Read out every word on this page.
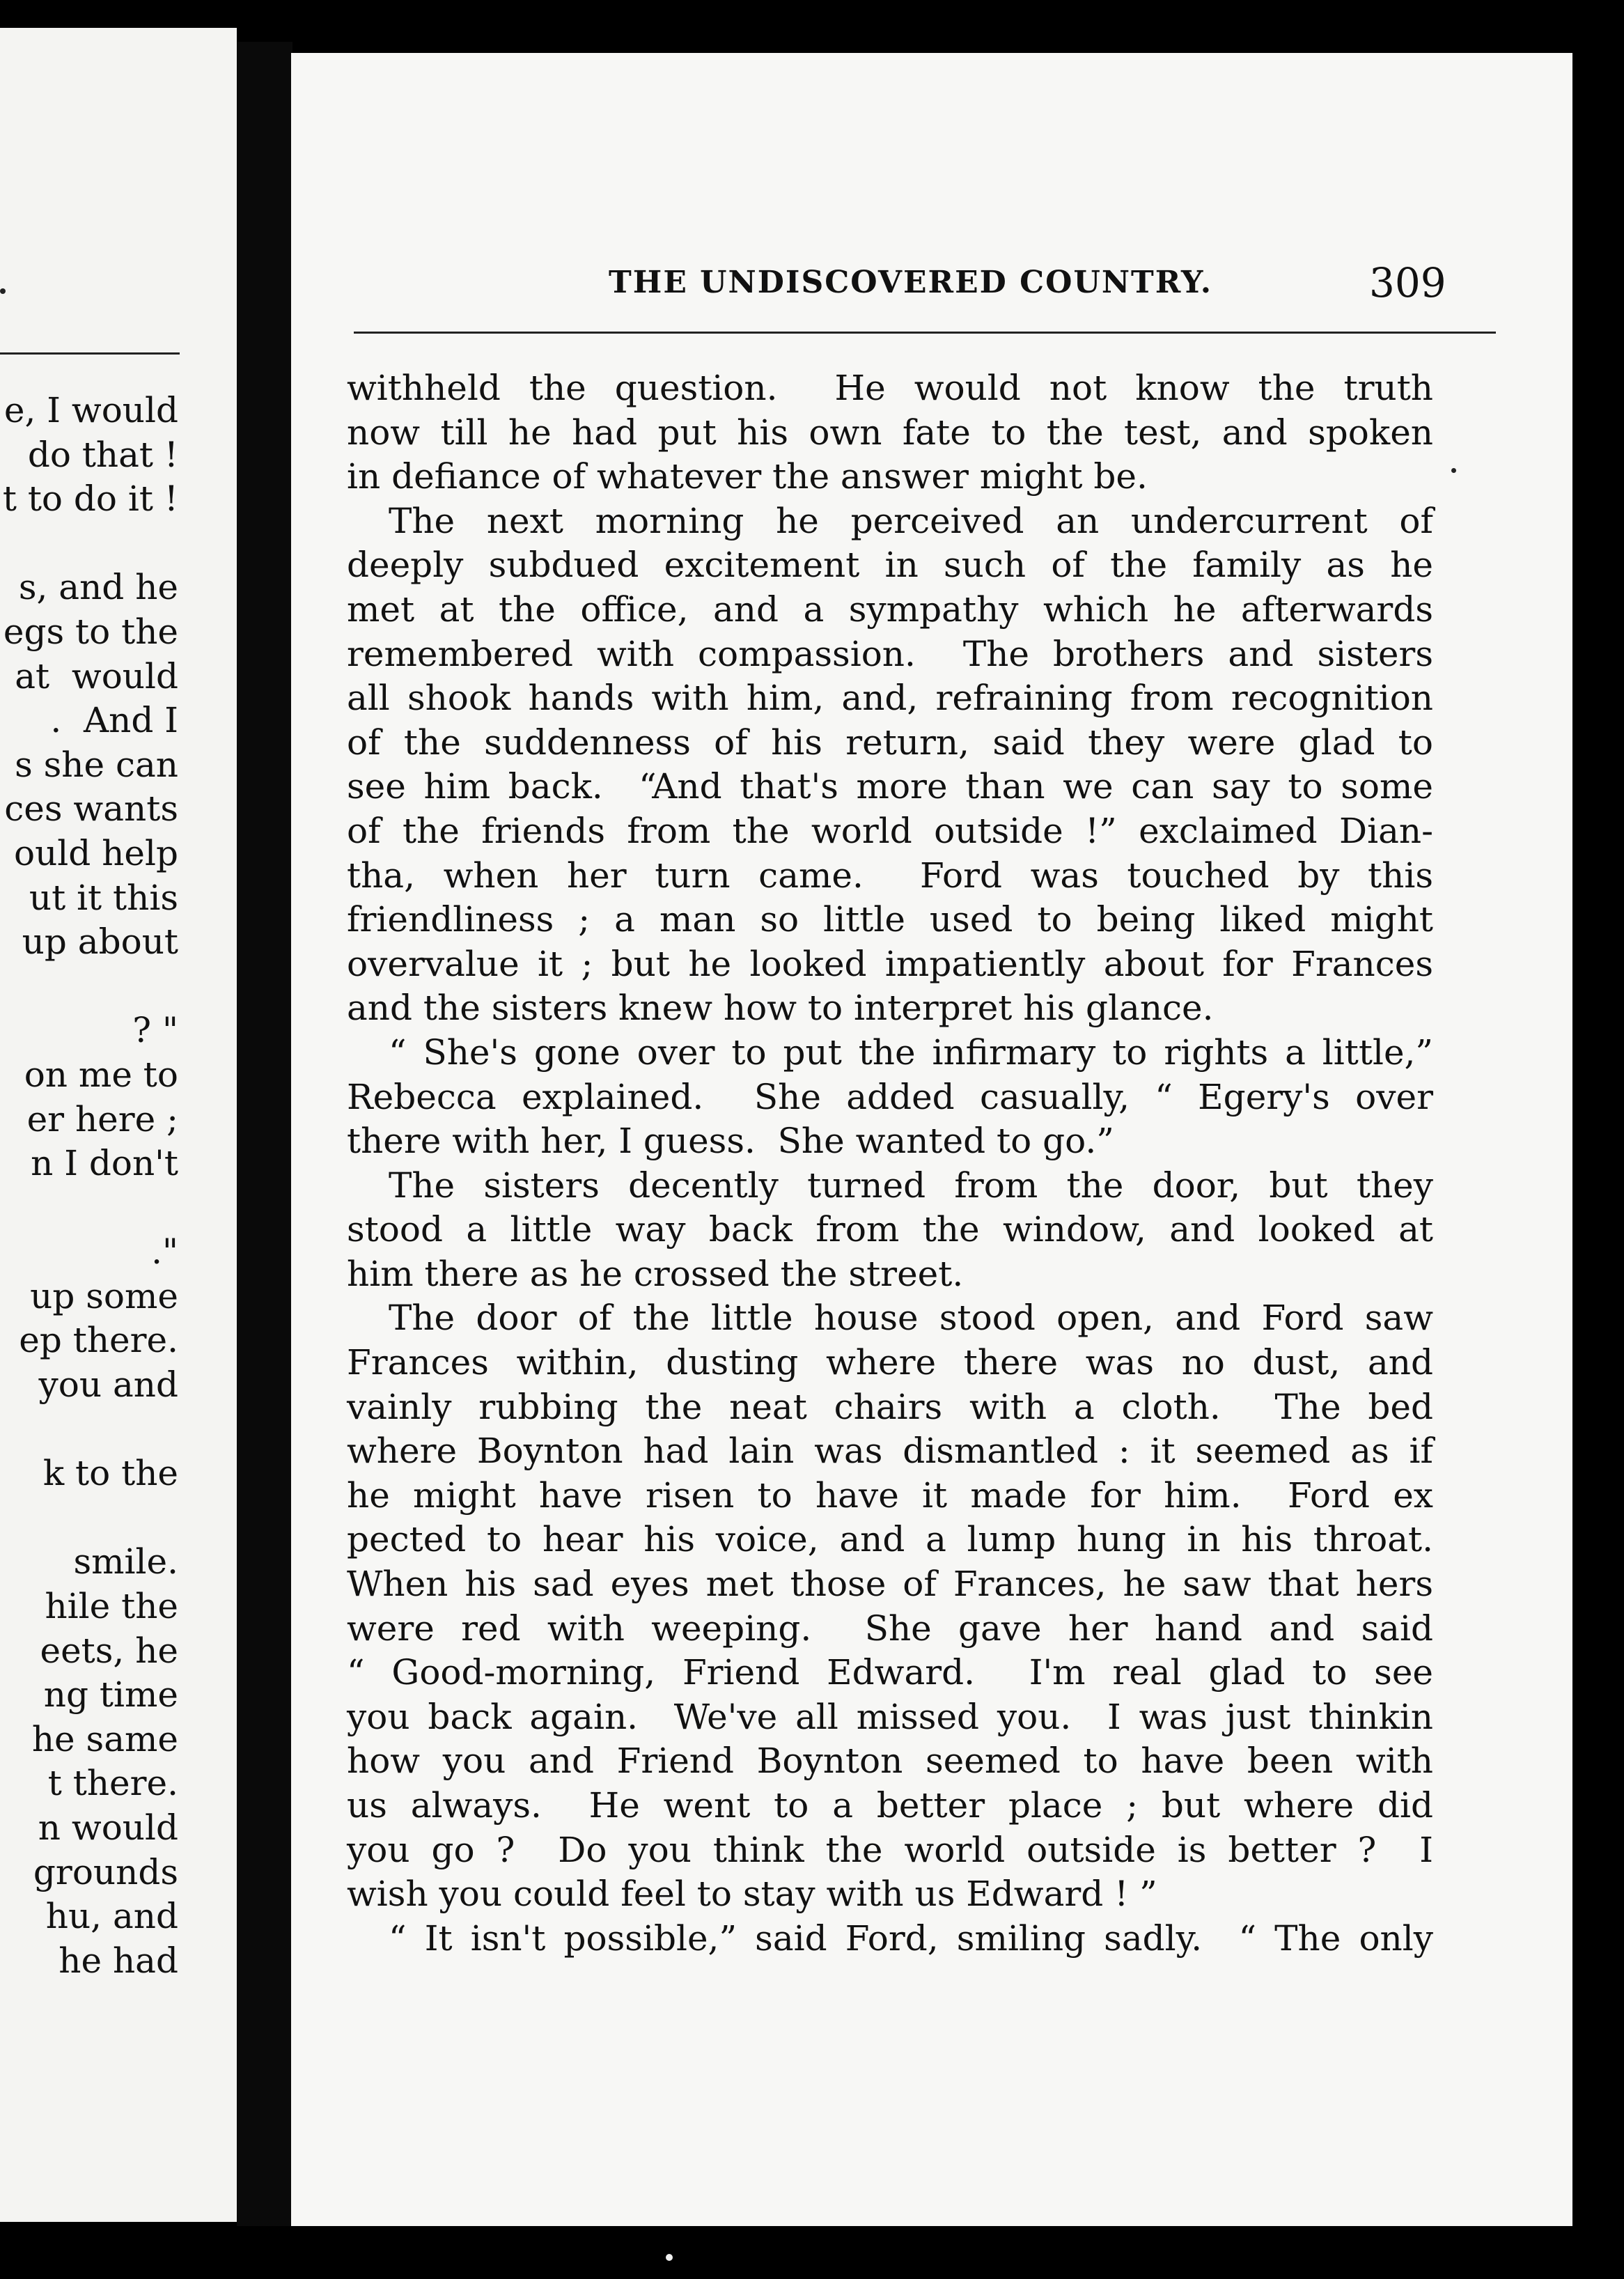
e, I would
do that !
t to do it !

s, and he
egs to the
at  would
.  And I
s she can
ces wants
ould help
ut it this
up about

? "
on me to
er here ;
n I don't

."
up some
ep there.
you and

k to the

smile.
hile the
eets, he
ng time
he same
t there.
n would
grounds
hu, and
he had
THE UNDISCOVERED COUNTRY.	309
withheld the question.  He would not know the truth
now till he had put his own fate to the test, and spoken
in defiance of whatever the answer might be.
The next morning he perceived an undercurrent of
deeply subdued excitement in such of the family as he
met at the office, and a sympathy which he afterwards
remembered with compassion.  The brothers and sisters
all shook hands with him, and, refraining from recognition
of the suddenness of his return, said they were glad to
see him back.  “And that's more than we can say to some
of the friends from the world outside !” exclaimed Dian-
tha, when her turn came.  Ford was touched by this
friendliness ; a man so little used to being liked might
overvalue it ; but he looked impatiently about for Frances
and the sisters knew how to interpret his glance.
“ She's gone over to put the infirmary to rights a little,”
Rebecca explained.  She added casually, “ Egery's over
there with her, I guess.  She wanted to go.”
The sisters decently turned from the door, but they
stood a little way back from the window, and looked at
him there as he crossed the street.
The door of the little house stood open, and Ford saw
Frances within, dusting where there was no dust, and
vainly rubbing the neat chairs with a cloth.  The bed
where Boynton had lain was dismantled : it seemed as if
he might have risen to have it made for him.  Ford ex
pected to hear his voice, and a lump hung in his throat.
When his sad eyes met those of Frances, he saw that hers
were red with weeping.  She gave her hand and said
“ Good-morning, Friend Edward.  I'm real glad to see
you back again.  We've all missed you.  I was just thinkin
how you and Friend Boynton seemed to have been with
us always.  He went to a better place ; but where did
you go ?  Do you think the world outside is better ?  I
wish you could feel to stay with us Edward ! ”
“ It isn't possible,” said Ford, smiling sadly.  “ The only
